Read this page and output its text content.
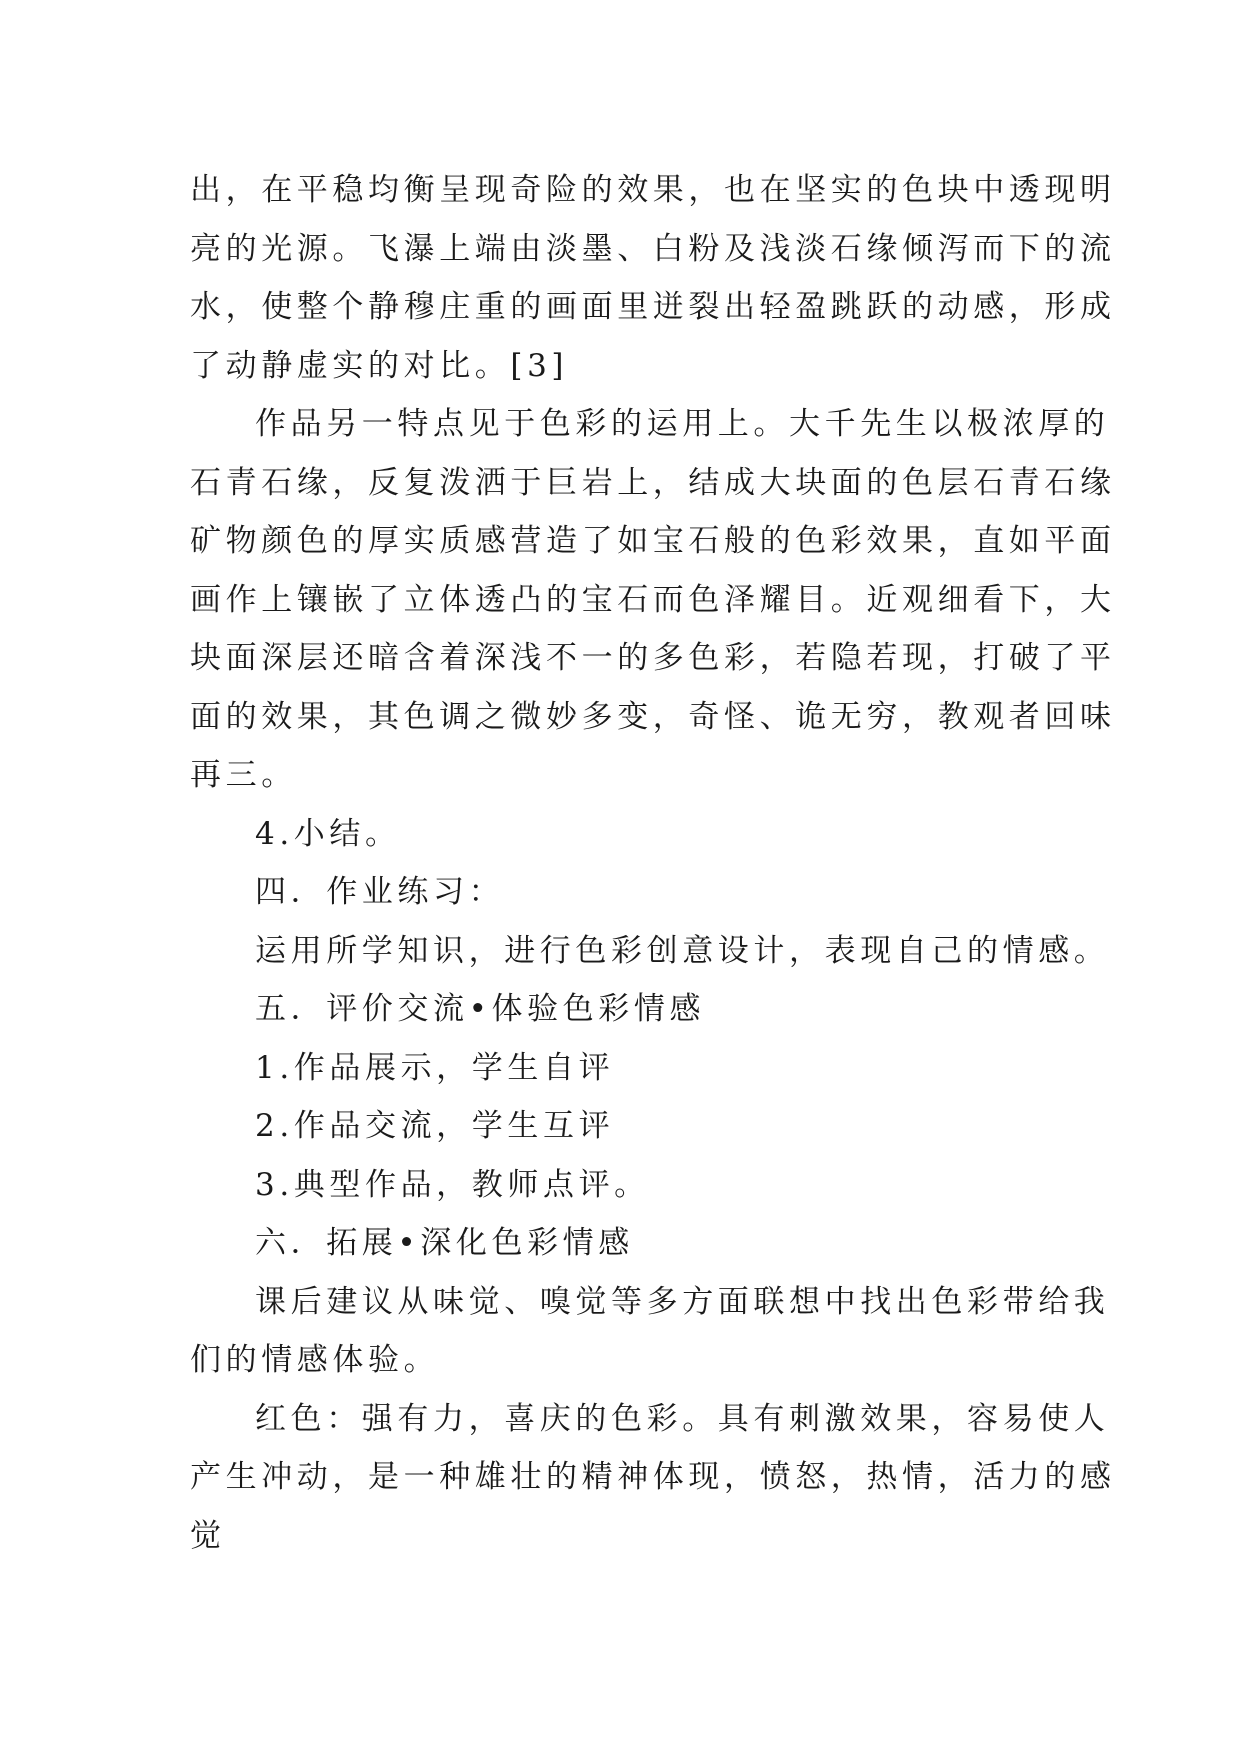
出，在平稳均衡呈现奇险的效果，也在坚实的色块中透现明
亮的光源。飞瀑上端由淡墨、白粉及浅淡石缘倾泻而下的流
水，使整个静穆庄重的画面里迸裂出轻盈跳跃的动感，形成
了动静虚实的对比。[3]
作品另一特点见于色彩的运用上。大千先生以极浓厚的
石青石缘，反复泼洒于巨岩上，结成大块面的色层石青石缘
矿物颜色的厚实质感营造了如宝石般的色彩效果，直如平面
画作上镶嵌了立体透凸的宝石而色泽耀目。近观细看下，大
块面深层还暗含着深浅不一的多色彩，若隐若现，打破了平
面的效果，其色调之微妙多变，奇怪、诡无穷，教观者回味
再三。
4.小结。
四．作业练习：
运用所学知识，进行色彩创意设计，表现自己的情感。
五．评价交流•体验色彩情感
1.作品展示，学生自评
2.作品交流，学生互评
3.典型作品，教师点评。
六．拓展•深化色彩情感
课后建议从味觉、嗅觉等多方面联想中找出色彩带给我
们的情感体验。
红色：强有力，喜庆的色彩。具有刺激效果，容易使人
产生冲动，是一种雄壮的精神体现，愤怒，热情，活力的感
觉
